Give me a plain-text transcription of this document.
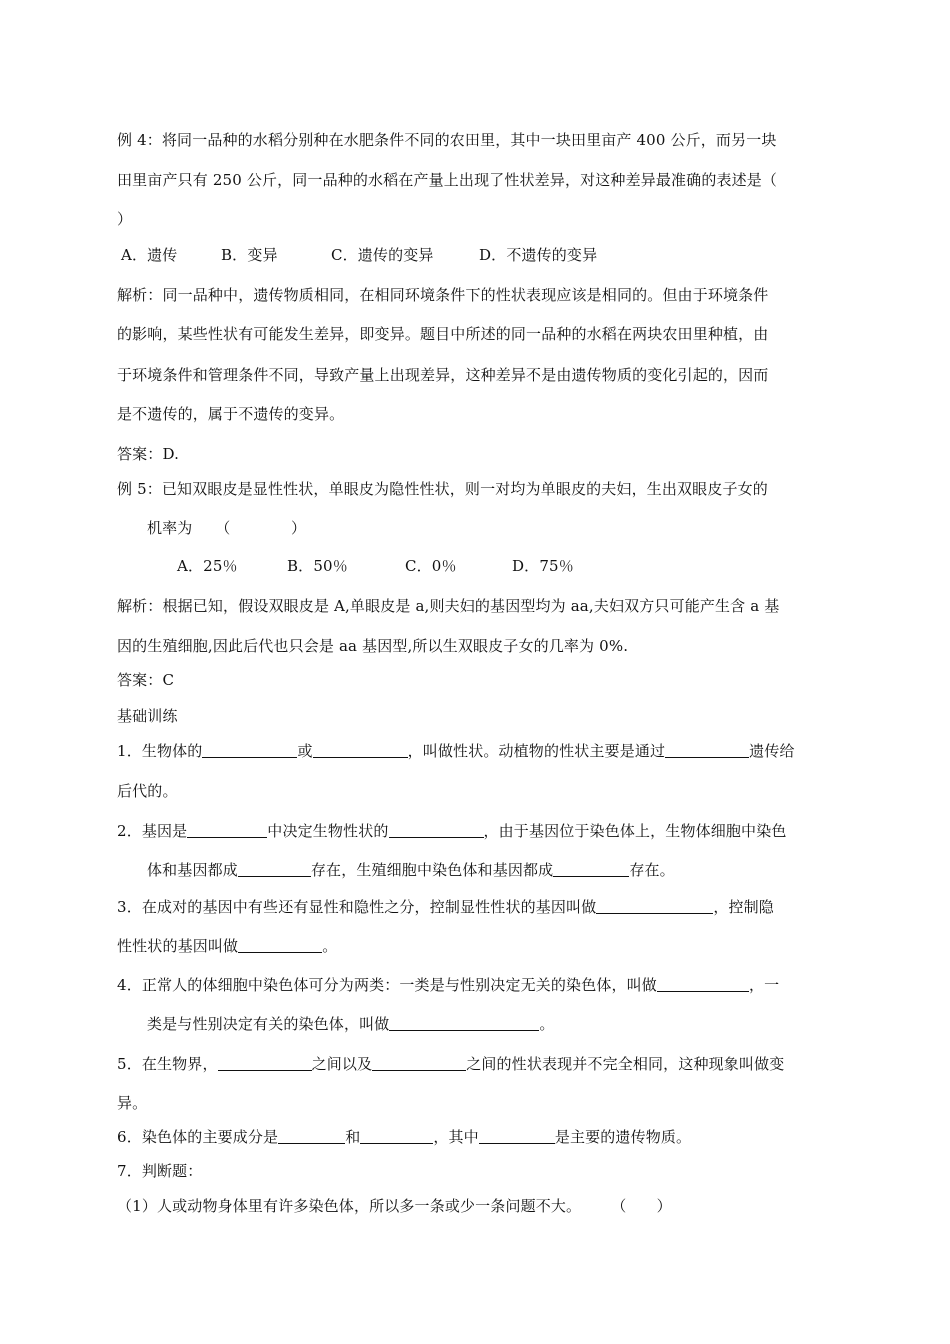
例 4：将同一品种的水稻分别种在水肥条件不同的农田里，其中一块田里亩产 400 公斤，而另一块
田里亩产只有 250 公斤，同一品种的水稻在产量上出现了性状差异，对这种差异最准确的表述是（
）
A．遗传	B．变异	C．遗传的变异	D．不遗传的变异
解析：同一品种中，遗传物质相同，在相同环境条件下的性状表现应该是相同的。但由于环境条件
的影响，某些性状有可能发生差异，即变异。题目中所述的同一品种的水稻在两块农田里种植，由
于环境条件和管理条件不同，导致产量上出现差异，这种差异不是由遗传物质的变化引起的，因而
是不遗传的，属于不遗传的变异。
答案：D.
例 5：已知双眼皮是显性性状，单眼皮为隐性性状，则一对均为单眼皮的夫妇，生出双眼皮子女的
机率为　　（　　　　）
A．25％	B．50％	C．0％	D．75％
解析：根据已知，假设双眼皮是 A,单眼皮是 a,则夫妇的基因型均为 aa,夫妇双方只可能产生含 a 基
因的生殖细胞,因此后代也只会是 aa 基因型,所以生双眼皮子女的几率为 0%.
答案：C
基础训练
1．生物体的	或	，叫做性状。动植物的性状主要是通过	遗传给
后代的。
2．基因是	中决定生物性状的	，由于基因位于染色体上，生物体细胞中染色
体和基因都成	存在，生殖细胞中染色体和基因都成	存在。
3．在成对的基因中有些还有显性和隐性之分，控制显性性状的基因叫做	，控制隐
性性状的基因叫做	。
4．正常人的体细胞中染色体可分为两类：一类是与性别决定无关的染色体，叫做	，一
类是与性别决定有关的染色体，叫做	。
5．在生物界，	之间以及	之间的性状表现并不完全相同，这种现象叫做变
异。
6．染色体的主要成分是	和	，其中	是主要的遗传物质。
7．判断题：
（1）人或动物身体里有许多染色体，所以多一条或少一条问题不大。 （　　）
